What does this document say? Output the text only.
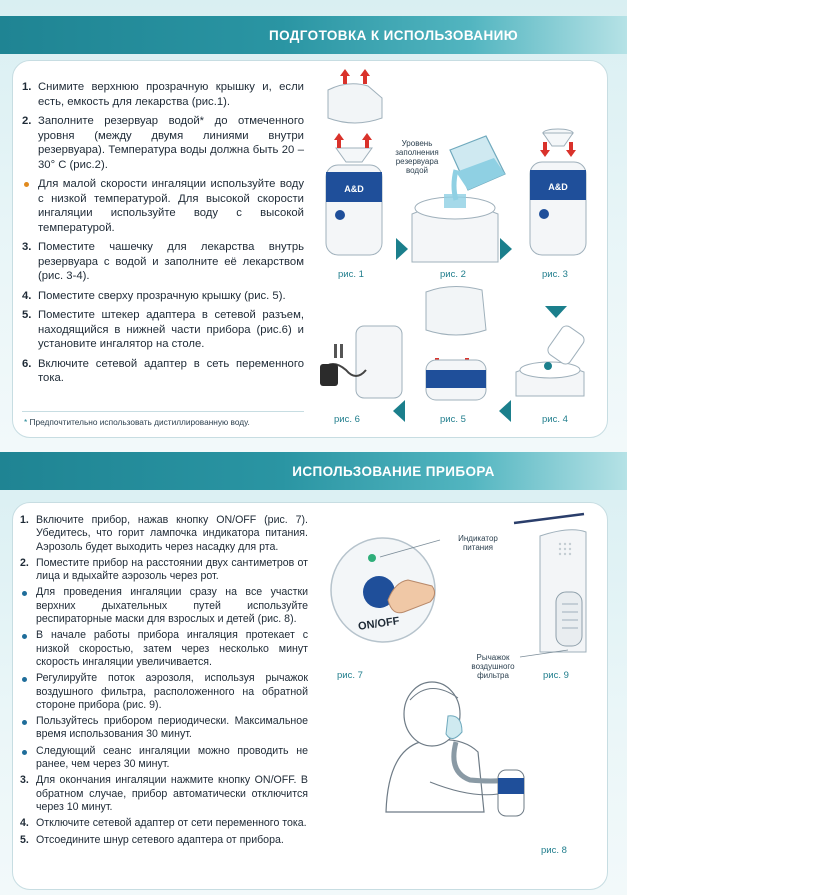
ПОДГОТОВКА К ИСПОЛЬЗОВАНИЮ
1. Снимите верхнюю прозрачную крышку и, если есть, емкость для лекарства (рис.1).
2. Заполните резервуар водой* до отмеченного уровня (между двумя линиями внутри резервуара). Температура воды должна быть 20 – 30° С (рис.2).
Для малой скорости ингаляции используйте воду с низкой температурой. Для высокой скорости ингаляции используйте воду с высокой температурой.
3. Поместите чашечку для лекарства внутрь резервуара с водой и заполните её лекарством (рис. 3-4).
4. Поместите сверху прозрачную крышку (рис. 5).
5. Поместите штекер адаптера в сетевой разъем, находящийся в нижней части прибора (рис.6) и установите ингалятор на столе.
6. Включите сетевой адаптер в сеть переменного тока.
* Предпочтительно использовать дистиллированную воду.
A&D	A&D
Уровень заполнения резервуара водой
рис. 1	рис. 2	рис. 3
рис. 6	рис. 5	рис. 4
ИСПОЛЬЗОВАНИЕ ПРИБОРА
1. Включите прибор, нажав кнопку ON/OFF (рис. 7). Убедитесь, что горит лампочка индикатора питания. Аэрозоль будет выходить через насадку для рта.
2. Поместите прибор на расстоянии двух сантиметров от лица и вдыхайте аэрозоль через рот.
Для проведения ингаляции сразу на все участки верхних дыхательных путей используйте респираторные маски для взрослых и детей (рис. 8).
В начале работы прибора ингаляция протекает с низкой скоростью, затем через несколько минут скорость ингаляции увеличивается.
Регулируйте поток аэрозоля, используя рычажок воздушного фильтра, расположенного на обратной стороне прибора (рис. 9).
Пользуйтесь прибором периодически. Максимальное время использования 30 минут.
Следующий сеанс ингаляции можно проводить не ранее, чем через 30 минут.
3. Для окончания ингаляции нажмите кнопку ON/OFF. В обратном случае, прибор автоматически отключится через 10 минут.
4. Отключите сетевой адаптер от сети переменного тока.
5. Отсоедините шнур сетевого адаптера от прибора.
Индикатор питания
Рычажок воздушного фильтра
ON/OFF
рис. 7	рис. 9
рис. 8
